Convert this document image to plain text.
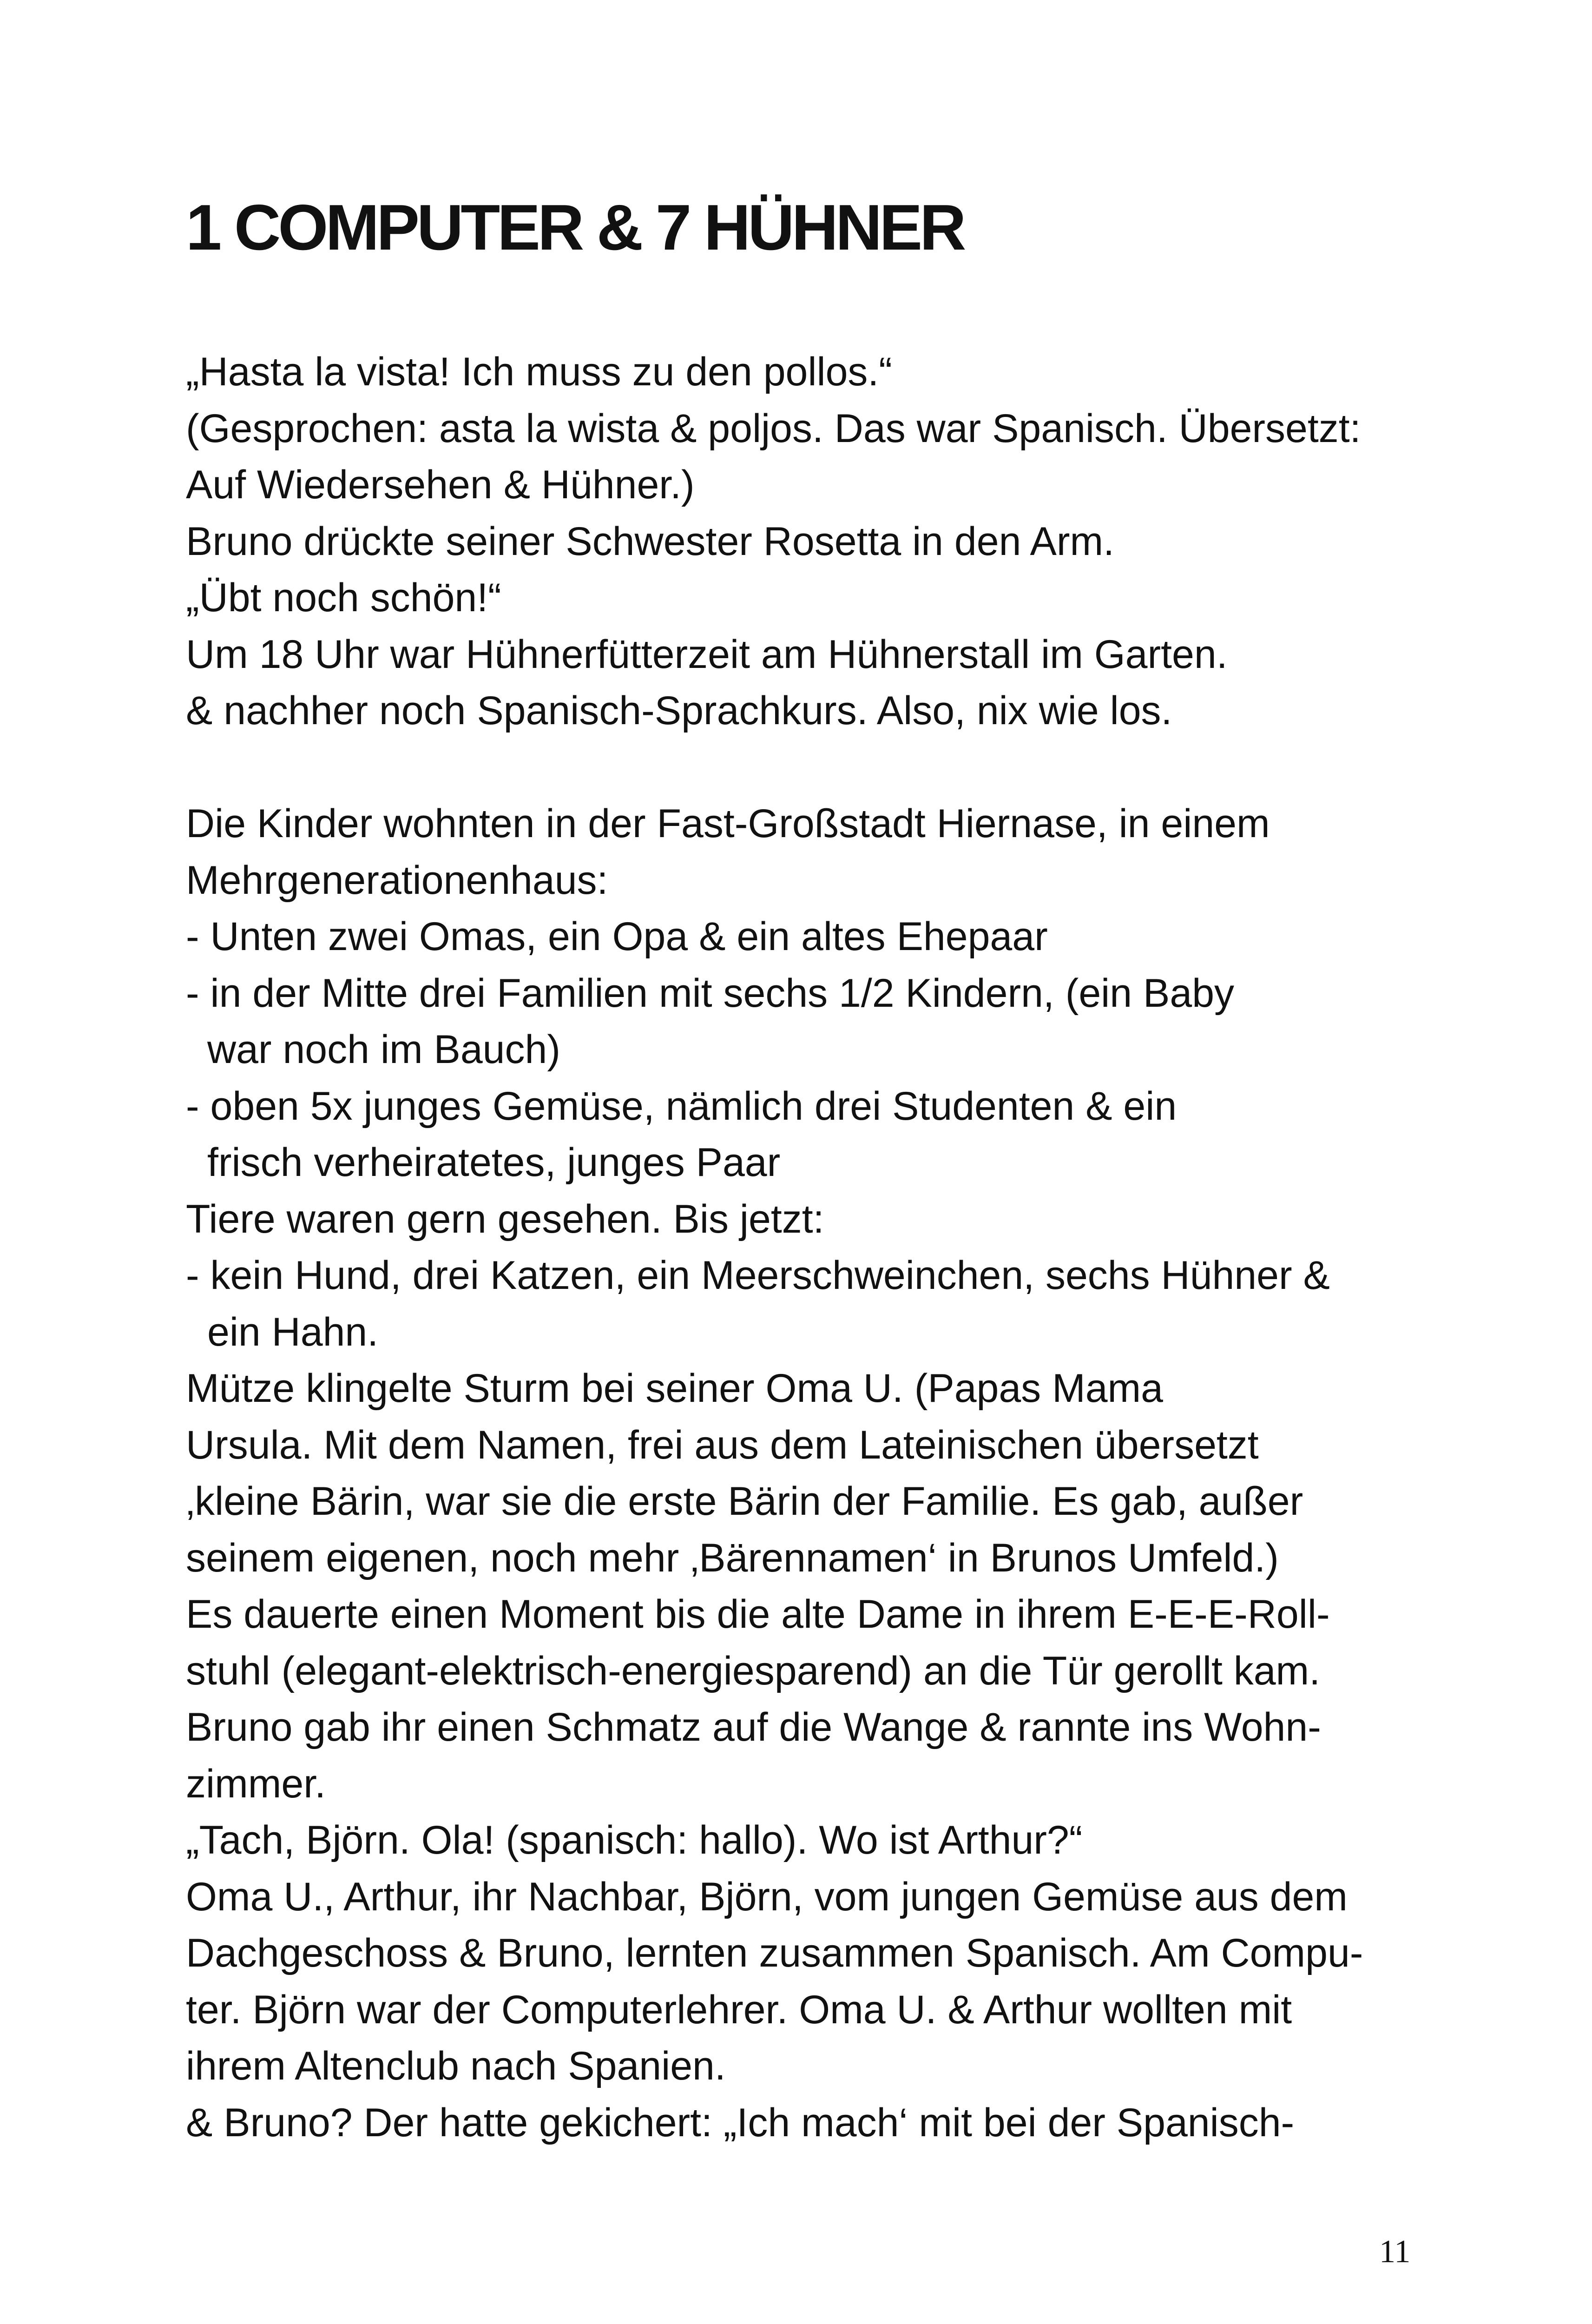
1 COMPUTER & 7 HÜHNER
„Hasta la vista! Ich muss zu den pollos.“
(Gesprochen: asta la wista & poljos. Das war Spanisch. Übersetzt:
Auf Wiedersehen & Hühner.)
Bruno drückte seiner Schwester Rosetta in den Arm.
„Übt noch schön!“
Um 18 Uhr war Hühnerfütterzeit am Hühnerstall im Garten.
& nachher noch Spanisch-Sprachkurs. Also, nix wie los.
Die Kinder wohnten in der Fast-Großstadt Hiernase, in einem
Mehrgenerationenhaus:
- Unten zwei Omas, ein Opa & ein altes Ehepaar
- in der Mitte drei Familien mit sechs 1/2 Kindern, (ein Baby
war noch im Bauch)
- oben 5x junges Gemüse, nämlich drei Studenten & ein
frisch verheiratetes, junges Paar
Tiere waren gern gesehen. Bis jetzt:
- kein Hund, drei Katzen, ein Meerschweinchen, sechs Hühner &
ein Hahn.
Mütze klingelte Sturm bei seiner Oma U. (Papas Mama
Ursula. Mit dem Namen, frei aus dem Lateinischen übersetzt
‚kleine Bärin, war sie die erste Bärin der Familie. Es gab, außer
seinem eigenen, noch mehr ‚Bärennamen‘ in Brunos Umfeld.)
Es dauerte einen Moment bis die alte Dame in ihrem E-E-E-Roll-
stuhl (elegant-elektrisch-energiesparend) an die Tür gerollt kam.
Bruno gab ihr einen Schmatz auf die Wange & rannte ins Wohn-
zimmer.
„Tach, Björn. Ola! (spanisch: hallo). Wo ist Arthur?“
Oma U., Arthur, ihr Nachbar, Björn, vom jungen Gemüse aus dem
Dachgeschoss & Bruno, lernten zusammen Spanisch. Am Compu-
ter. Björn war der Computerlehrer. Oma U. & Arthur wollten mit
ihrem Altenclub nach Spanien.
& Bruno? Der hatte gekichert: „Ich mach‘ mit bei der Spanisch-

11
